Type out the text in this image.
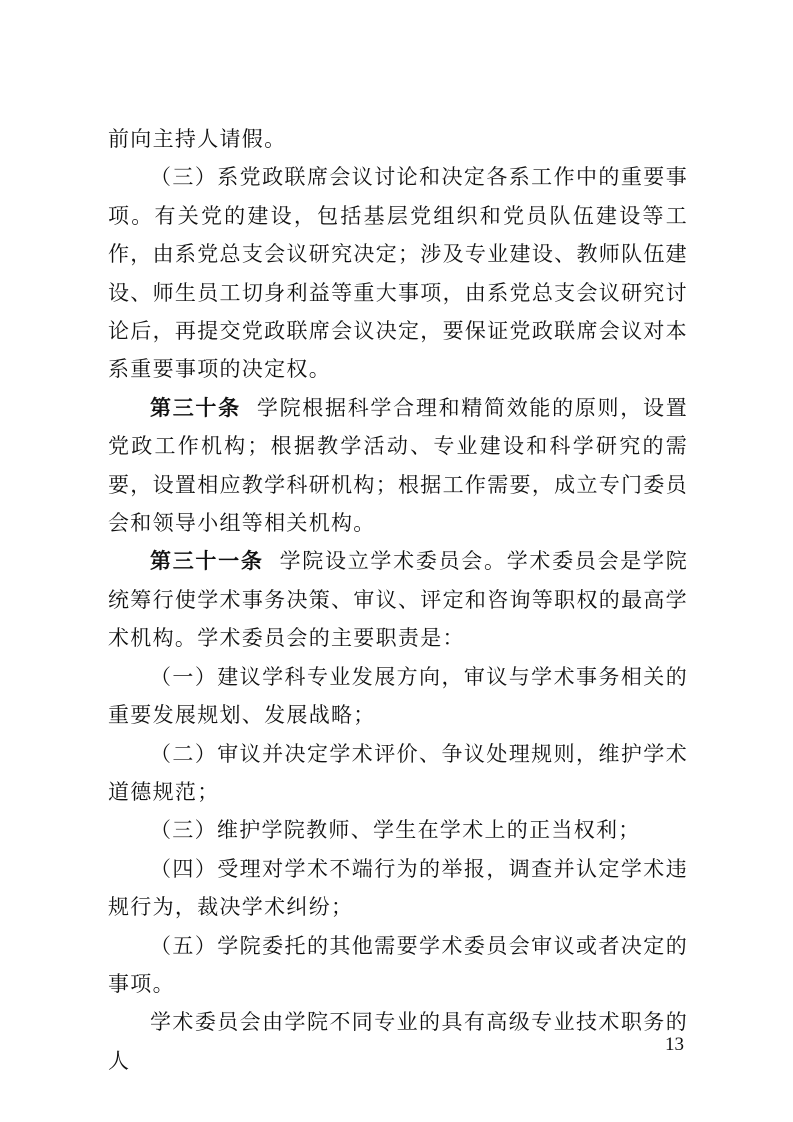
前向主持人请假。

（三）系党政联席会议讨论和决定各系工作中的重要事项。有关党的建设，包括基层党组织和党员队伍建设等工作，由系党总支会议研究决定；涉及专业建设、教师队伍建设、师生员工切身利益等重大事项，由系党总支会议研究讨论后，再提交党政联席会议决定，要保证党政联席会议对本系重要事项的决定权。

第三十条 学院根据科学合理和精简效能的原则，设置党政工作机构；根据教学活动、专业建设和科学研究的需要，设置相应教学科研机构；根据工作需要，成立专门委员会和领导小组等相关机构。

第三十一条 学院设立学术委员会。学术委员会是学院统筹行使学术事务决策、审议、评定和咨询等职权的最高学术机构。学术委员会的主要职责是：

（一）建议学科专业发展方向，审议与学术事务相关的重要发展规划、发展战略；

（二）审议并决定学术评价、争议处理规则，维护学术道德规范；

（三）维护学院教师、学生在学术上的正当权利；

（四）受理对学术不端行为的举报，调查并认定学术违规行为，裁决学术纠纷；

（五）学院委托的其他需要学术委员会审议或者决定的事项。

学术委员会由学院不同专业的具有高级专业技术职务的人

13
